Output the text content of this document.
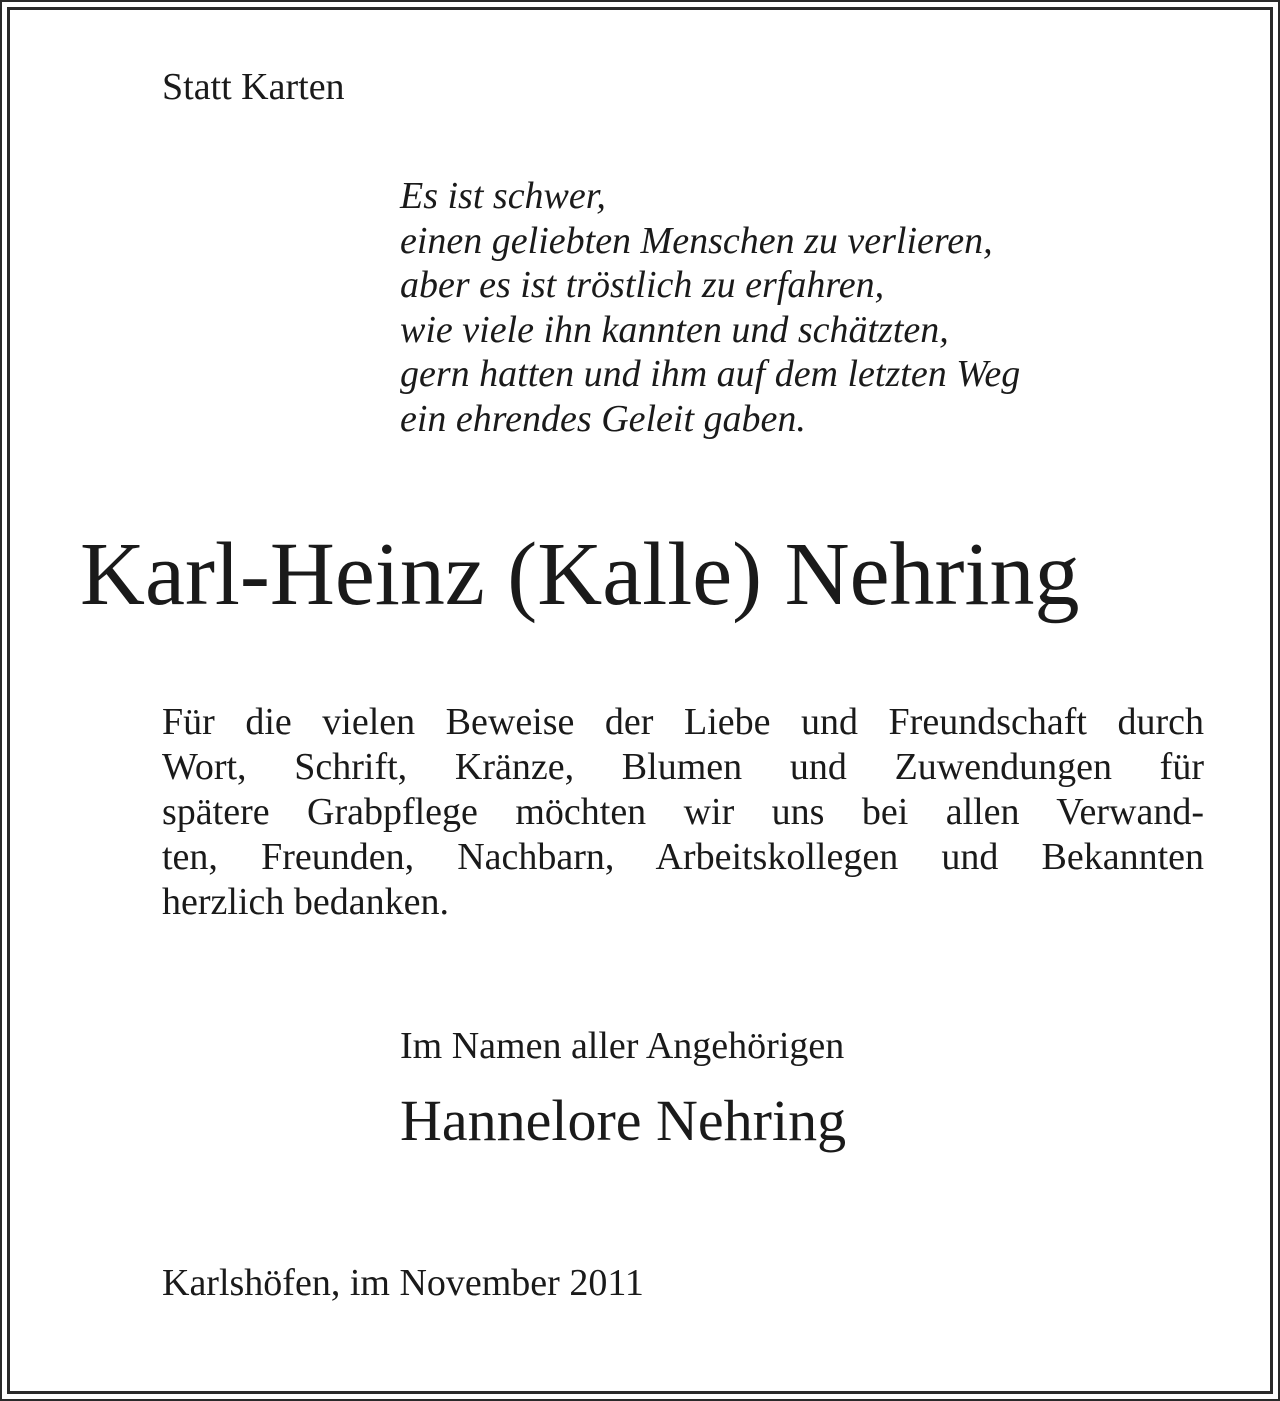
Statt Karten
Es ist schwer,
einen geliebten Menschen zu verlieren,
aber es ist tröstlich zu erfahren,
wie viele ihn kannten und schätzten,
gern hatten und ihm auf dem letzten Weg
ein ehrendes Geleit gaben.
Karl-Heinz (Kalle) Nehring
Für die vielen Beweise der Liebe und Freundschaft durch
Wort, Schrift, Kränze, Blumen und Zuwendungen für
spätere Grabpflege möchten wir uns bei allen Verwand-
ten, Freunden, Nachbarn, Arbeitskollegen und Bekannten
herzlich bedanken.
Im Namen aller Angehörigen
Hannelore Nehring
Karlshöfen, im November 2011
